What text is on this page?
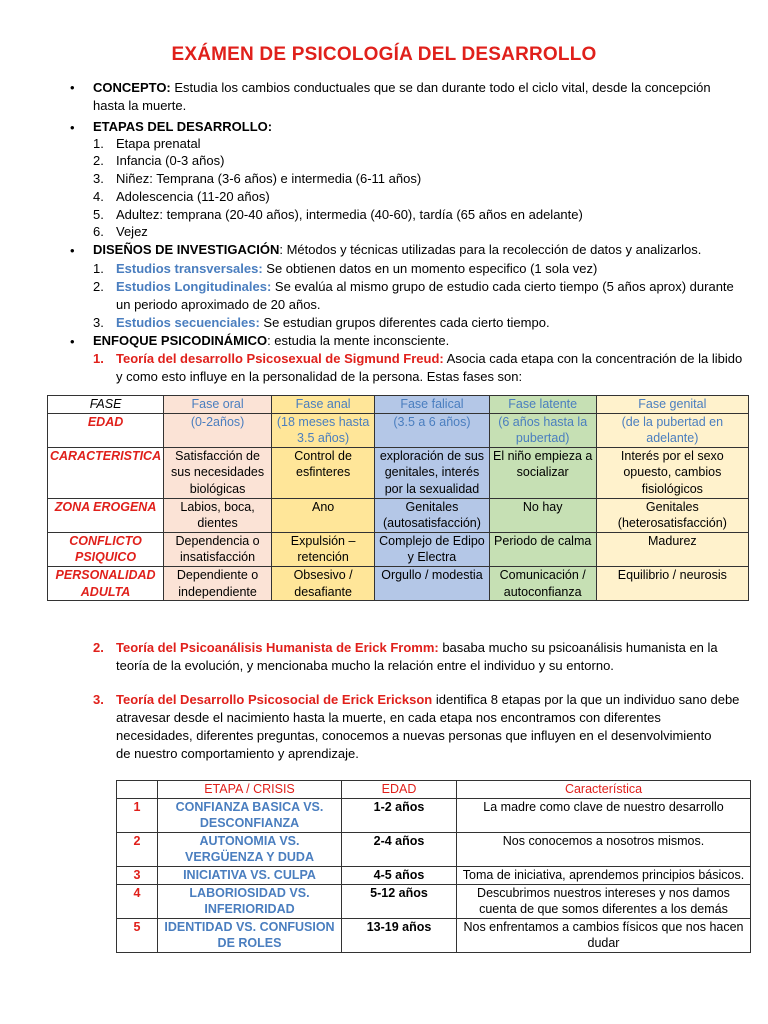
EXÁMEN DE PSICOLOGÍA DEL DESARROLLO
•	CONCEPTO: Estudia los cambios conductuales que se dan durante todo el ciclo vital, desde la concepción
hasta la muerte.
•	ETAPAS DEL DESARROLLO:
1. Etapa prenatal
2. Infancia (0-3 años)
3. Niñez: Temprana (3-6 años) e intermedia (6-11 años)
4. Adolescencia (11-20 años)
5. Adultez: temprana (20-40 años), intermedia (40-60), tardía (65 años en adelante)
6. Vejez
•	DISEÑOS DE INVESTIGACIÓN: Métodos y técnicas utilizadas para la recolección de datos y analizarlos.
1. Estudios transversales: Se obtienen datos en un momento especifico (1 sola vez)
2. Estudios Longitudinales: Se evalúa al mismo grupo de estudio cada cierto tiempo (5 años aprox) durante
un periodo aproximado de 20 años.
3. Estudios secuenciales: Se estudian grupos diferentes cada cierto tiempo.
•	ENFOQUE PSICODINÁMICO: estudia la mente inconsciente.
1. Teoría del desarrollo Psicosexual de Sigmund Freud: Asocia cada etapa con la concentración de la libido
y como esto influye en la personalidad de la persona. Estas fases son:
FASE	Fase oral	Fase anal	Fase falical	Fase latente	Fase genital
EDAD	(0-2años)	(18 meses hasta 3.5 años)	(3.5 a 6 años)	(6 años hasta la pubertad)	(de la pubertad en adelante)
CARACTERISTICA	Satisfacción de sus necesidades biológicas	Control de esfinteres	exploración de sus genitales, interés por la sexualidad	El niño empieza a socializar	Interés por el sexo opuesto, cambios fisiológicos
ZONA EROGENA	Labios, boca, dientes	Ano	Genitales (autosatisfacción)	No hay	Genitales (heterosatisfacción)
CONFLICTO PSIQUICO	Dependencia o insatisfacción	Expulsión – retención	Complejo de Edipo y Electra	Periodo de calma	Madurez
PERSONALIDAD ADULTA	Dependiente o independiente	Obsesivo / desafiante	Orgullo / modestia	Comunicación / autoconfianza	Equilibrio / neurosis
2. Teoría del Psicoanálisis Humanista de Erick Fromm: basaba mucho su psicoanálisis humanista en la
teoría de la evolución, y mencionaba mucho la relación entre el individuo y su entorno.
3. Teoría del Desarrollo Psicosocial de Erick Erickson identifica 8 etapas por la que un individuo sano debe
atravesar desde el nacimiento hasta la muerte, en cada etapa nos encontramos con diferentes
necesidades, diferentes preguntas, conocemos a nuevas personas que influyen en el desenvolvimiento
de nuestro comportamiento y aprendizaje.
	ETAPA / CRISIS	EDAD	Característica
1	CONFIANZA BASICA VS. DESCONFIANZA	1-2 años	La madre como clave de nuestro desarrollo
2	AUTONOMIA VS. VERGÜENZA Y DUDA	2-4 años	Nos conocemos a nosotros mismos.
3	INICIATIVA VS. CULPA	4-5 años	Toma de iniciativa, aprendemos principios básicos.
4	LABORIOSIDAD VS. INFERIORIDAD	5-12 años	Descubrimos nuestros intereses y nos damos cuenta de que somos diferentes a los demás
5	IDENTIDAD VS. CONFUSION DE ROLES	13-19 años	Nos enfrentamos a cambios físicos que nos hacen dudar
